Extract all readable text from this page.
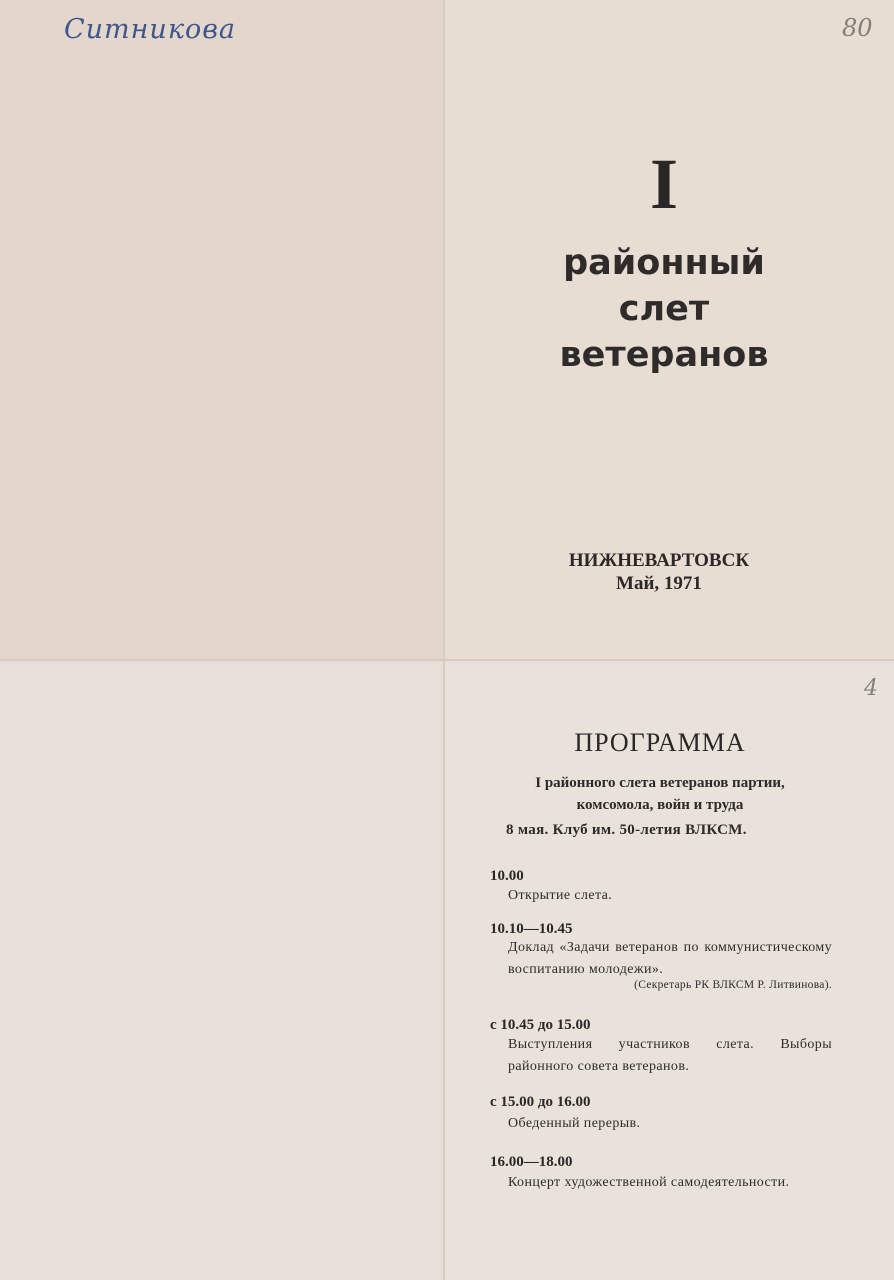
Ситникова	80
4
I
районный
слет
ветеранов
НИЖНЕВАРТОВСК
Май, 1971
ПРОГРАММА
I районного слета ветеранов партии,
комсомола, войн и труда
8 мая. Клуб им. 50-летия ВЛКСМ.
10.00
Открытие слета.
10.10—10.45
Доклад «Задачи ветеранов по коммунистическому воспитанию молодежи».
(Секретарь РК ВЛКСМ Р. Литвинова).
с 10.45 до 15.00
Выступления участников слета. Выборы районного совета ветеранов.
с 15.00 до 16.00
Обеденный перерыв.
16.00—18.00
Концерт художественной самодеятельности.
